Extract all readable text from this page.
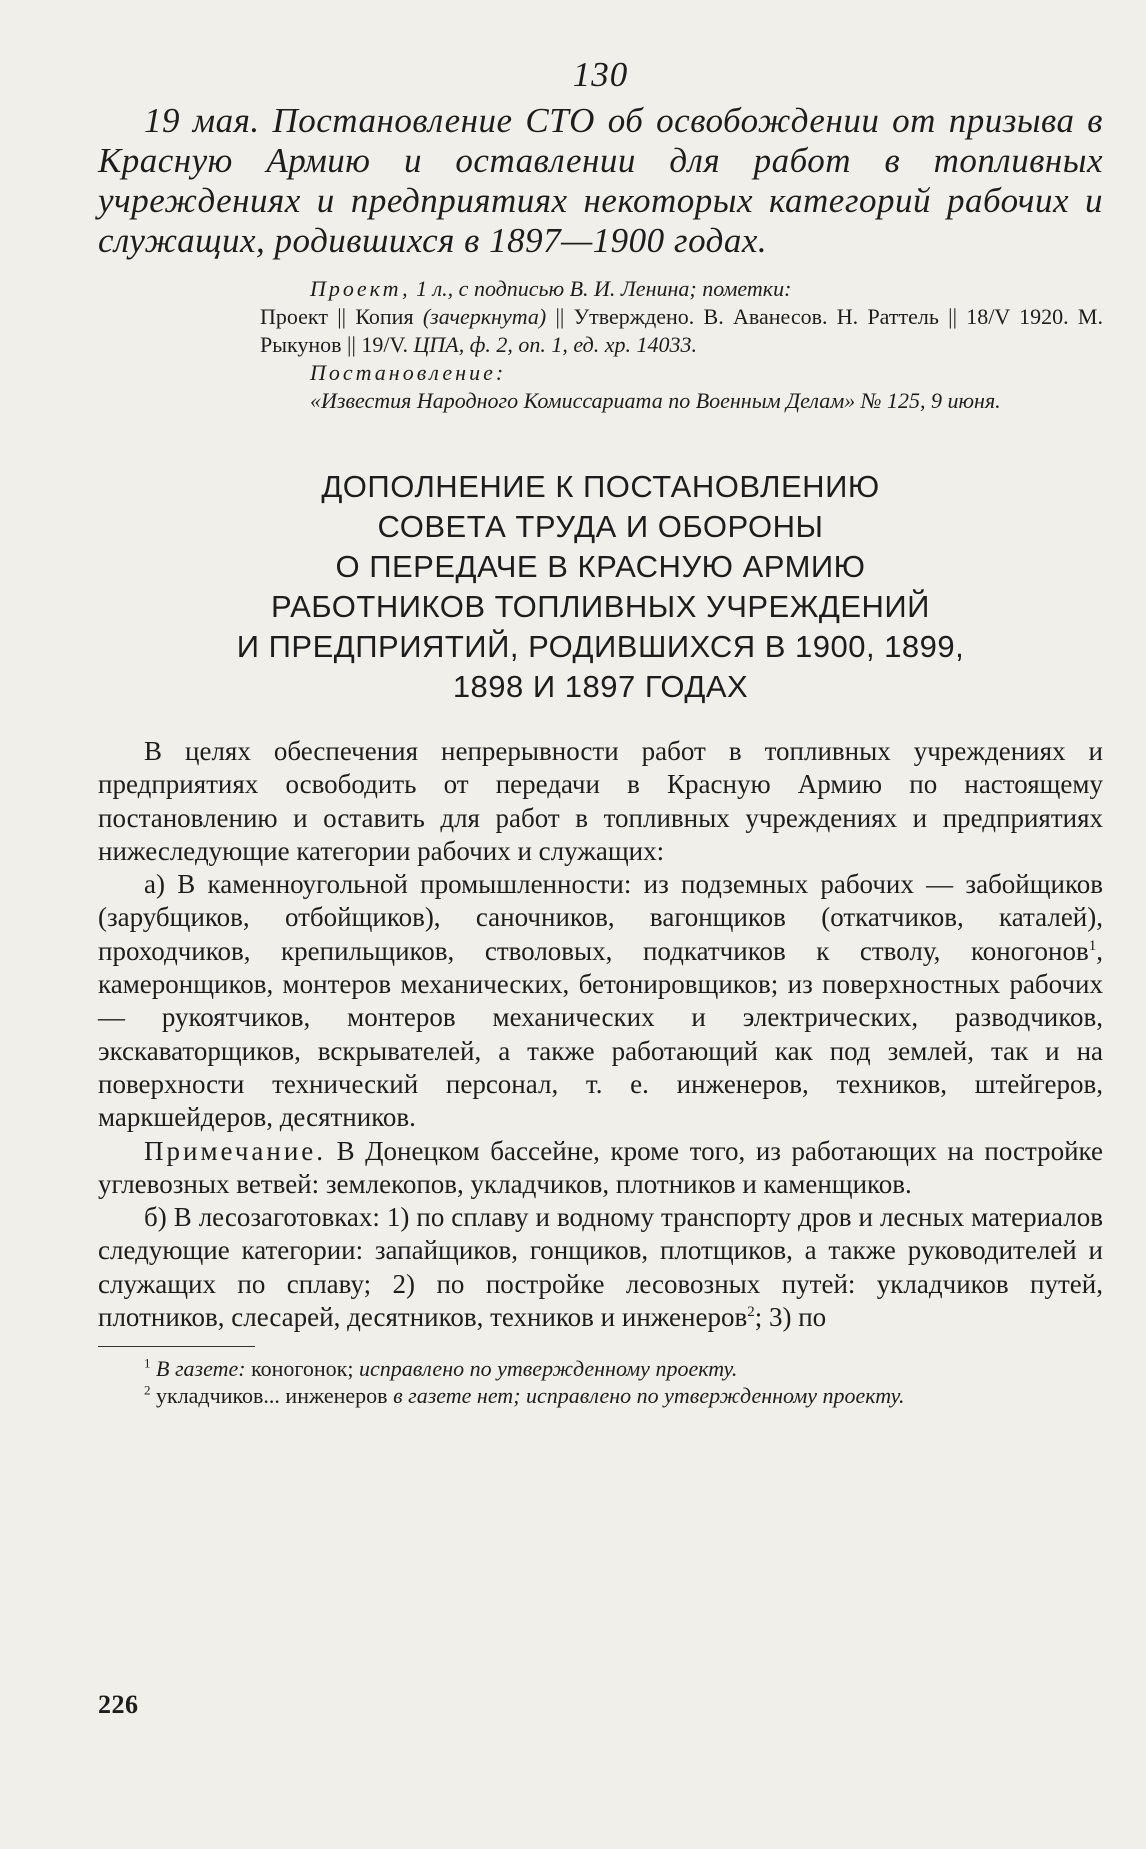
130

19 мая. Постановление СТО об освобождении от призыва в Красную Армию и оставлении для работ в топливных учреждениях и предприятиях некоторых категорий рабочих и служащих, родившихся в 1897—1900 годах.

Проект, 1 л., с подписью В. И. Ленина; пометки:

Проект || Копия (зачеркнута) || Утверждено. В. Аванесов. Н. Раттель || 18/V 1920. М. Рыкунов || 19/V. ЦПА, ф. 2, оп. 1, ед. хр. 14033.

Постановление:

«Известия Народного Комиссариата по Военным Делам» № 125, 9 июня.

ДОПОЛНЕНИЕ К ПОСТАНОВЛЕНИЮ
СОВЕТА ТРУДА И ОБОРОНЫ
О ПЕРЕДАЧЕ В КРАСНУЮ АРМИЮ
РАБОТНИКОВ ТОПЛИВНЫХ УЧРЕЖДЕНИЙ
И ПРЕДПРИЯТИЙ, РОДИВШИХСЯ В 1900, 1899,
1898 И 1897 ГОДАХ

В целях обеспечения непрерывности работ в топливных учреждениях и предприятиях освободить от передачи в Красную Армию по настоящему постановлению и оставить для работ в топливных учреждениях и предприятиях нижеследующие категории рабочих и служащих:

а) В каменноугольной промышленности: из подземных рабочих — забойщиков (зарубщиков, отбойщиков), саночников, вагонщиков (откатчиков, каталей), проходчиков, крепильщиков, стволовых, подкатчиков к стволу, коногонов$^1$, камеронщиков, монтеров механических, бетонировщиков; из поверхностных рабочих — рукоятчиков, монтеров механических и электрических, разводчиков, экскаваторщиков, вскрывателей, а также работающий как под землей, так и на поверхности технический персонал, т. е. инженеров, техников, штейгеров, маркшейдеров, десятников.

Примечание. В Донецком бассейне, кроме того, из работающих на постройке углевозных ветвей: землекопов, укладчиков, плотников и каменщиков.

б) В лесозаготовках: 1) по сплаву и водному транспорту дров и лесных материалов следующие категории: запайщиков, гонщиков, плотщиков, а также руководителей и служащих по сплаву; 2) по постройке лесовозных путей: укладчиков путей, плотников, слесарей, десятников, техников и инженеров$^2$; 3) по

$^1$ В газете: коногонок; исправлено по утвержденному проекту.

$^2$ укладчиков... инженеров в газете нет; исправлено по утвержденному проекту.

226
